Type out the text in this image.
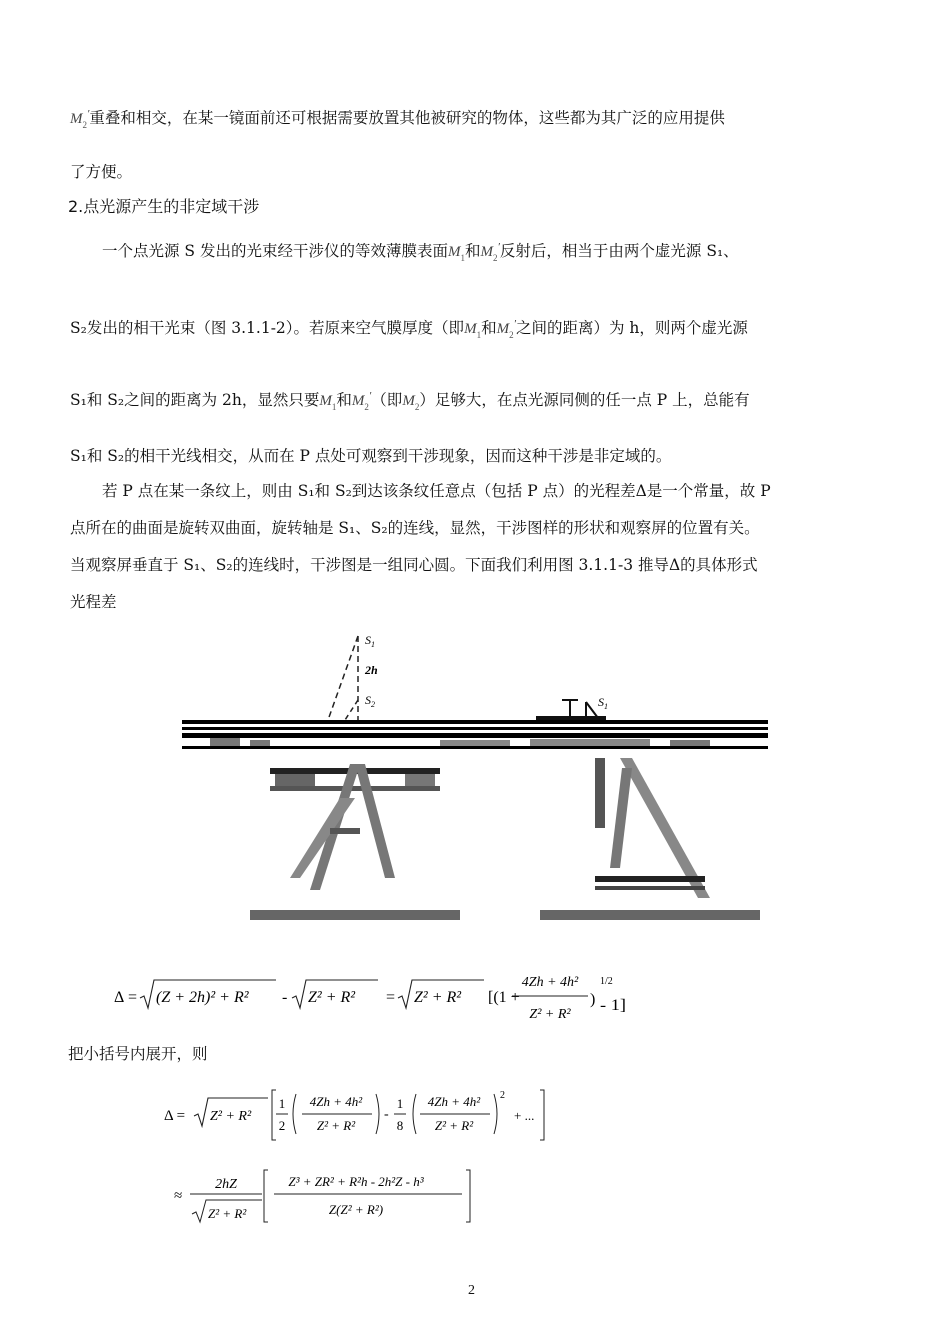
$M_2'$重叠和相交，在某一镜面前还可根据需要放置其他被研究的物体，这些都为其广泛的应用提供
了方便。
2.点光源产生的非定域干涉
一个点光源 S 发出的光束经干涉仪的等效薄膜表面$M_1$和$M_2'$反射后，相当于由两个虚光源 S₁、
S₂发出的相干光束（图 3.1.1-2）。若原来空气膜厚度（即$M_1$和$M_2'$之间的距离）为 h，则两个虚光源
S₁和 S₂之间的距离为 2h，显然只要$M_1$和$M_2'$（即$M_2$）足够大，在点光源同侧的任一点 P 上，总能有
S₁和 S₂的相干光线相交，从而在 P 点处可观察到干涉现象，因而这种干涉是非定域的。
若 P 点在某一条纹上，则由 S₁和 S₂到达该条纹任意点（包括 P 点）的光程差Δ是一个常量，故 P
点所在的曲面是旋转双曲面，旋转轴是 S₁、S₂的连线，显然，干涉图样的形状和观察屏的位置有关。
当观察屏垂直于 S₁、S₂的连线时，干涉图是一组同心圆。下面我们利用图 3.1.1-3 推导Δ的具体形式
光程差
$S_1$
2h
$S_2$	$S_1$
Δ = (Z + 2h)² + R² - Z² + R² = Z² + R² [(1 +
4Zh + 4h²
Z² + R²
)
1/2
- 1]
把小括号内展开，则
Δ = Z² + R²
1
2
4Zh + 4h²
Z² + R²
-
1
8
4Zh + 4h²
Z² + R²
2
+ ...
≈
2hZ
Z² + R²
Z³ + ZR² + R²h - 2h²Z - h³
Z(Z² + R²)
2
